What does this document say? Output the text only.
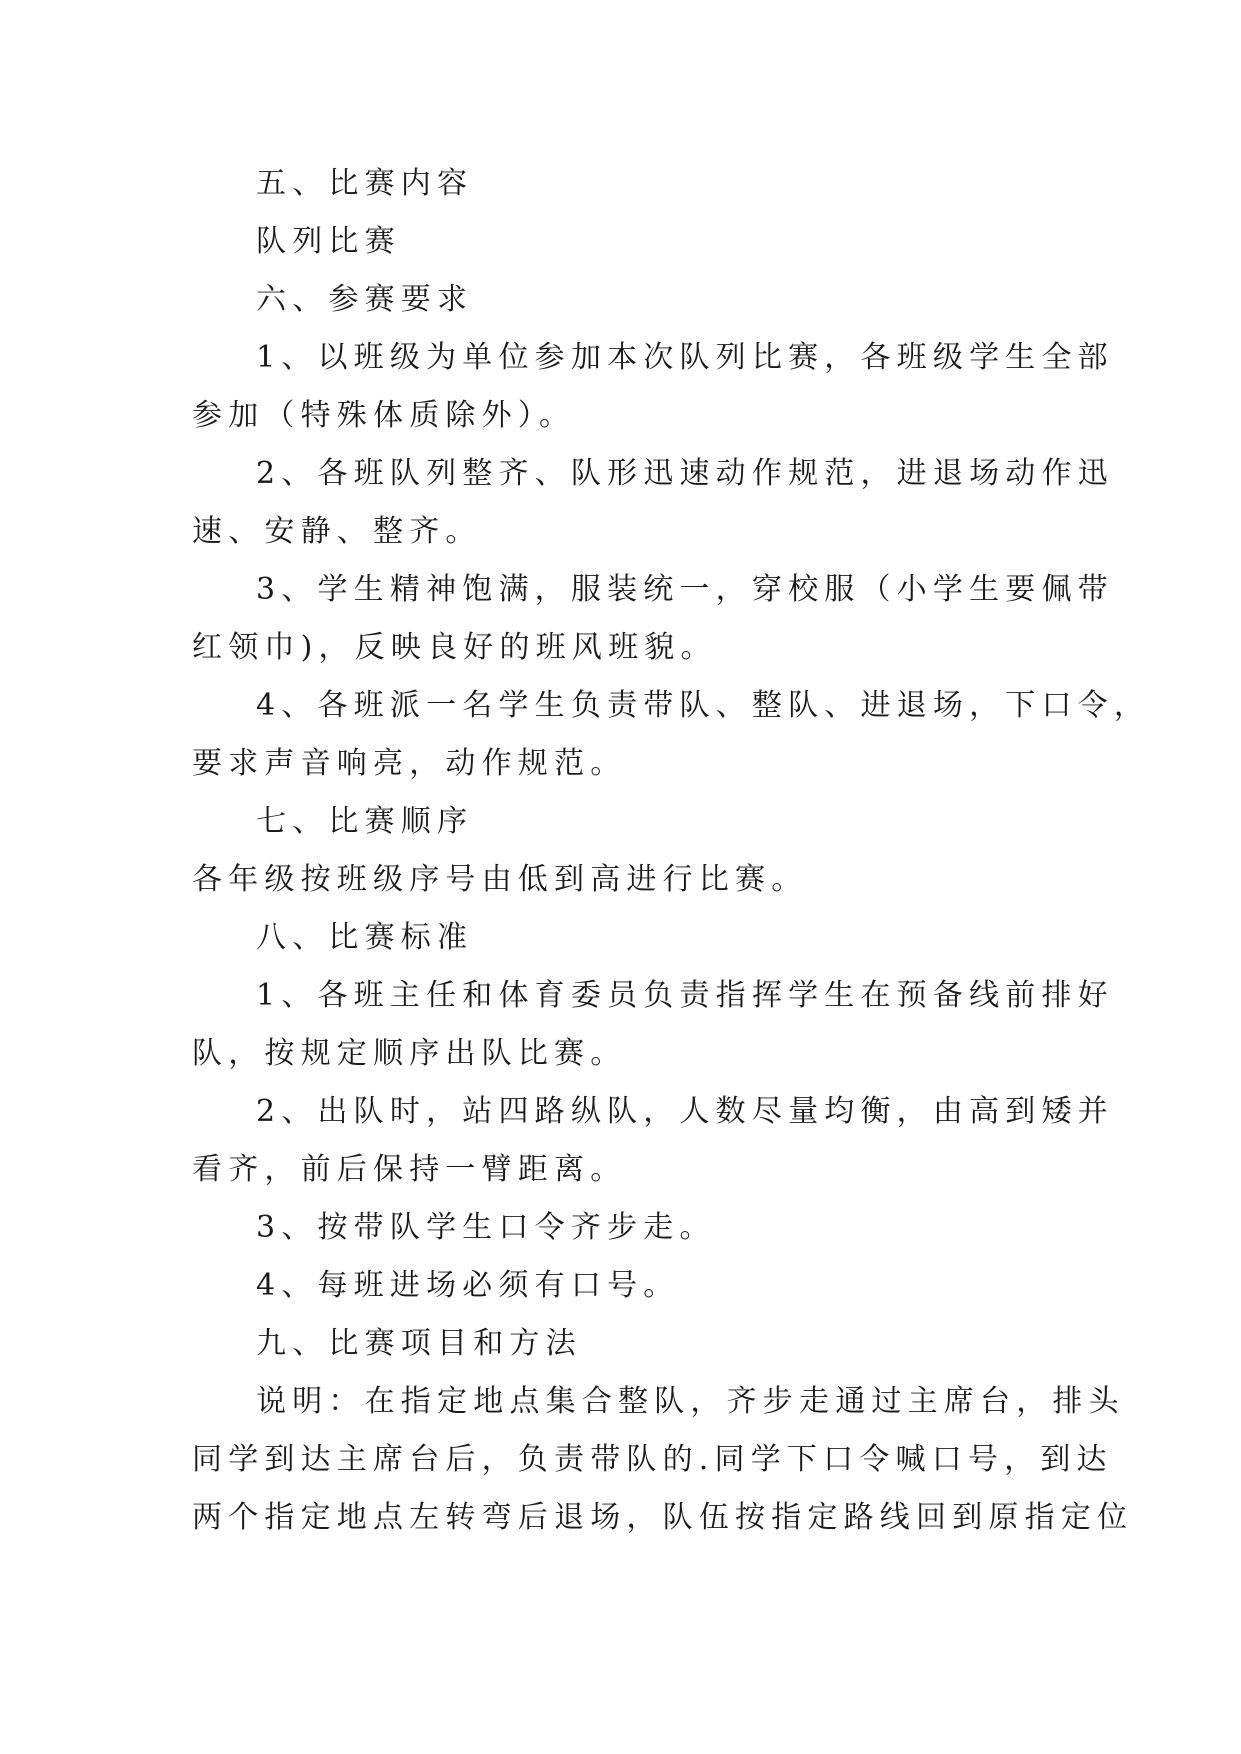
五、比赛内容
队列比赛
六、参赛要求
1、以班级为单位参加本次队列比赛，各班级学生全部
参加（特殊体质除外）。
2、各班队列整齐、队形迅速动作规范，进退场动作迅
速、安静、整齐。
3、学生精神饱满，服装统一，穿校服（小学生要佩带
红领巾)，反映良好的班风班貌。
4、各班派一名学生负责带队、整队、进退场，下口令，
要求声音响亮，动作规范。
七、比赛顺序
各年级按班级序号由低到高进行比赛。
八、比赛标准
1、各班主任和体育委员负责指挥学生在预备线前排好
队，按规定顺序出队比赛。
2、出队时，站四路纵队，人数尽量均衡，由高到矮并
看齐，前后保持一臂距离。
3、按带队学生口令齐步走。
4、每班进场必须有口号。
九、比赛项目和方法
说明：在指定地点集合整队，齐步走通过主席台，排头
同学到达主席台后，负责带队的.同学下口令喊口号，到达
两个指定地点左转弯后退场，队伍按指定路线回到原指定位
